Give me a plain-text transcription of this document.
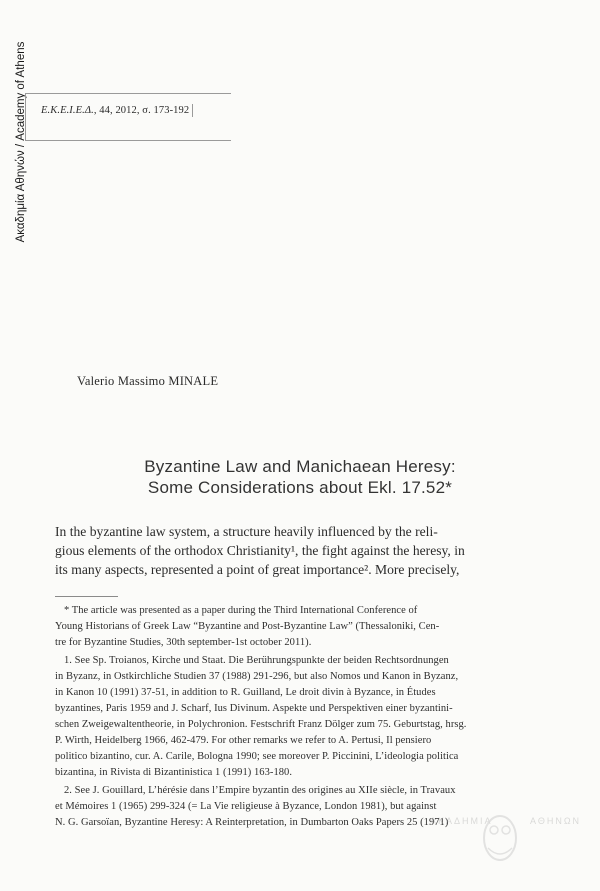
Ακαδημία Αθηνών / Academy of Athens Ε.Κ.Ε.Ι.Ε.Δ., 44, 2012, σ. 173-192
Valerio Massimo MINALE
Byzantine Law and Manichaean Heresy:
Some Considerations about Ekl. 17.52*
In the byzantine law system, a structure heavily influenced by the reli-
gious elements of the orthodox Christianity¹, the fight against the heresy, in
its many aspects, represented a point of great importance². More precisely,
* The article was presented as a paper during the Third International Conference of
Young Historians of Greek Law “Byzantine and Post-Byzantine Law” (Thessaloniki, Cen-
tre for Byzantine Studies, 30th september-1st october 2011).
1. See Sp. Troianos, Kirche und Staat. Die Berührungspunkte der beiden Rechtsordnungen
in Byzanz, in Ostkirchliche Studien 37 (1988) 291-296, but also Nomos und Kanon in Byzanz,
in Kanon 10 (1991) 37-51, in addition to R. Guilland, Le droit divin à Byzance, in Études
byzantines, Paris 1959 and J. Scharf, Ius Divinum. Aspekte und Perspektiven einer byzantini-
schen Zweigewaltentheorie, in Polychronion. Festschrift Franz Dölger zum 75. Geburtstag, hrsg.
P. Wirth, Heidelberg 1966, 462-479. For other remarks we refer to A. Pertusi, Il pensiero
politico bizantino, cur. A. Carile, Bologna 1990; see moreover P. Piccinini, L’ideologia politica
bizantina, in Rivista di Bizantinistica 1 (1991) 163-180.
2. See J. Gouillard, L’hérésie dans l’Empire byzantin des origines au XIIe siècle, in Travaux
et Mémoires 1 (1965) 299-324 (= La Vie religieuse à Byzance, London 1981), but against
N. G. Garsoïan, Byzantine Heresy: A Reinterpretation, in Dumbarton Oaks Papers 25 (1971)
ΑΚΑΔΗΜΙΑ	ΑΘΗΝΩΝ
